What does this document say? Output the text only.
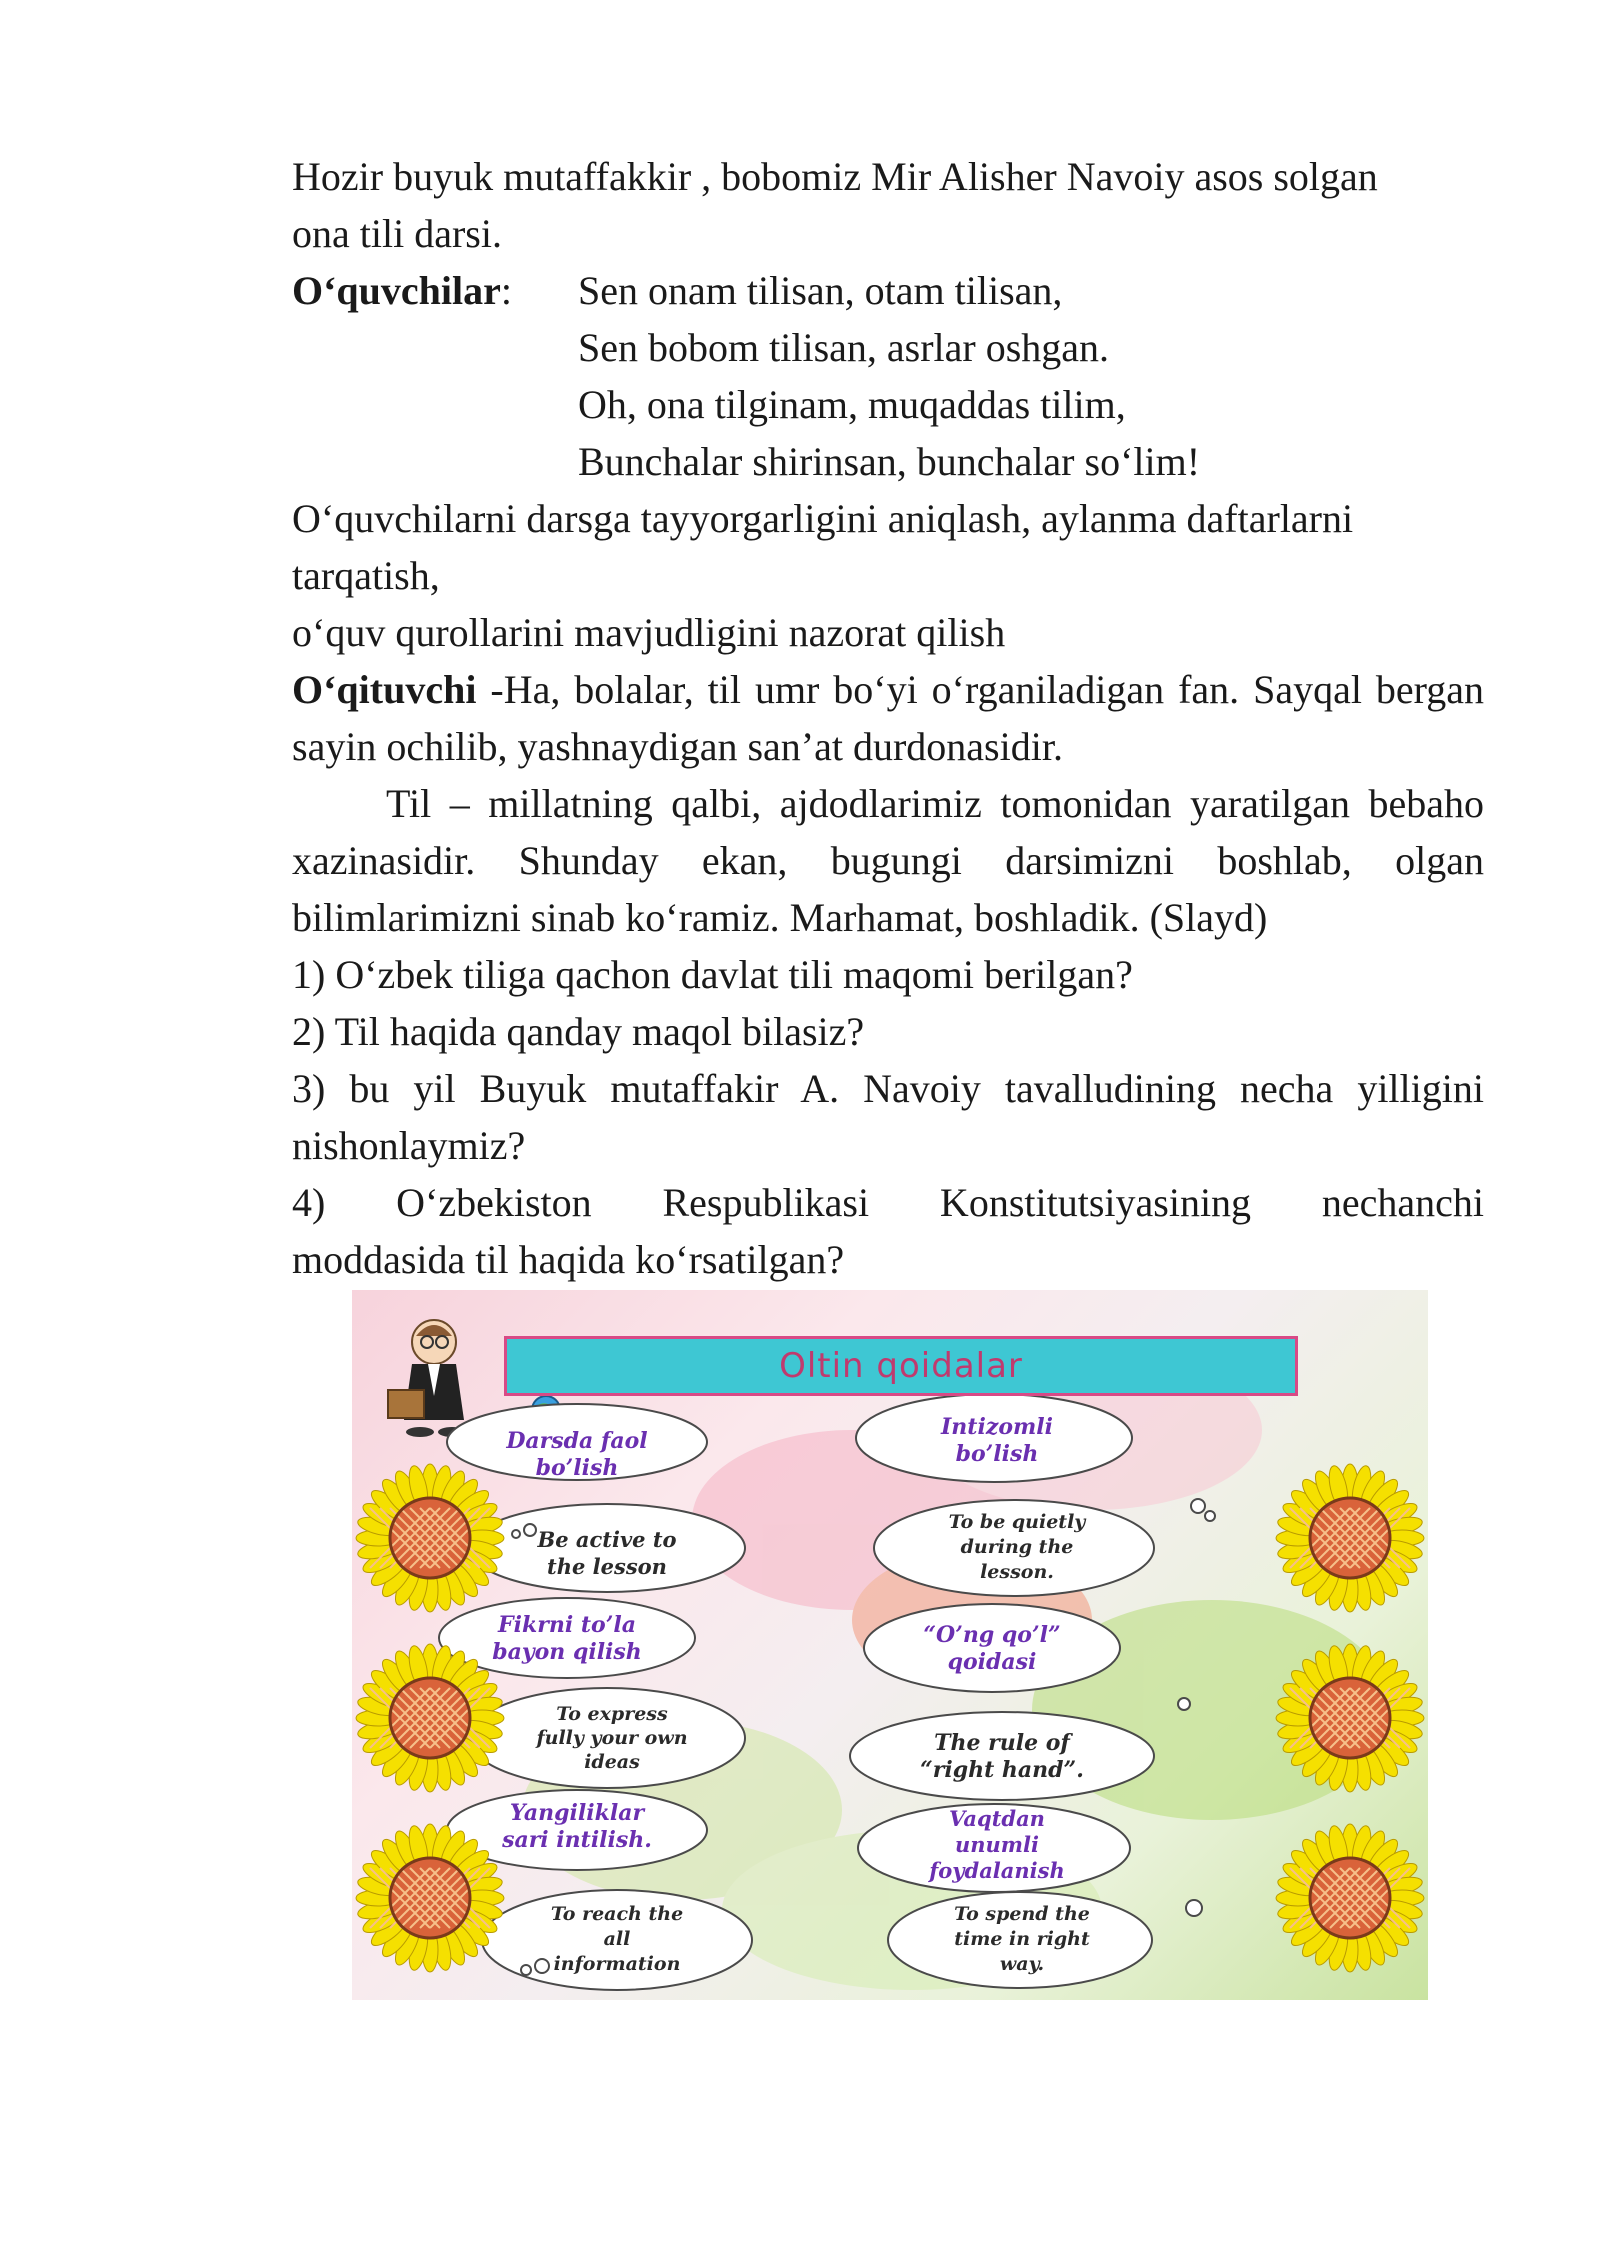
Hozir buyuk mutaffakkir , bobomiz Mir Alisher Navoiy asos solgan

ona tili darsi.

O‘quvchilar:	Sen onam tilisan, otam tilisan,

Sen bobom tilisan, asrlar oshgan.

Oh, ona tilginam, muqaddas tilim,

Bunchalar shirinsan, bunchalar so‘lim!

O‘quvchilarni darsga tayyorgarligini aniqlash, aylanma daftarlarni

tarqatish,

o‘quv qurollarini mavjudligini nazorat qilish

O‘qituvchi -Ha, bolalar, til umr bo‘yi o‘rganiladigan fan. Sayqal bergan sayin ochilib, yashnaydigan san’at durdonasidir.

Til – millatning qalbi, ajdodlarimiz tomonidan yaratilgan bebaho xazinasidir. Shunday ekan, bugungi darsimizni boshlab, olgan bilimlarimizni sinab ko‘ramiz. Marhamat, boshladik. (Slayd)

1) O‘zbek tiliga qachon davlat tili maqomi berilgan?

2) Til haqida qanday maqol bilasiz?

3) bu yil Buyuk mutaffakir A. Navoiy tavalludining necha yilligini nishonlaymiz?

4) O‘zbekiston Respublikasi Konstitutsiyasining nechanchi

moddasida til haqida ko‘rsatilgan?

Oltin qoidalar
Darsda faol
bo’lish
Be active to
the lesson
Fikrni to’la
bayon qilish
To express
fully your own
ideas
Yangiliklar
sari intilish.
To reach the
all
information
Intizomli
bo’lish
To be quietly
during the
lesson.
“O’ng qo’l”
qoidasi
The rule of
“right hand”.
Vaqtdan
unumli
foydalanish
To spend the
time in right
way.
